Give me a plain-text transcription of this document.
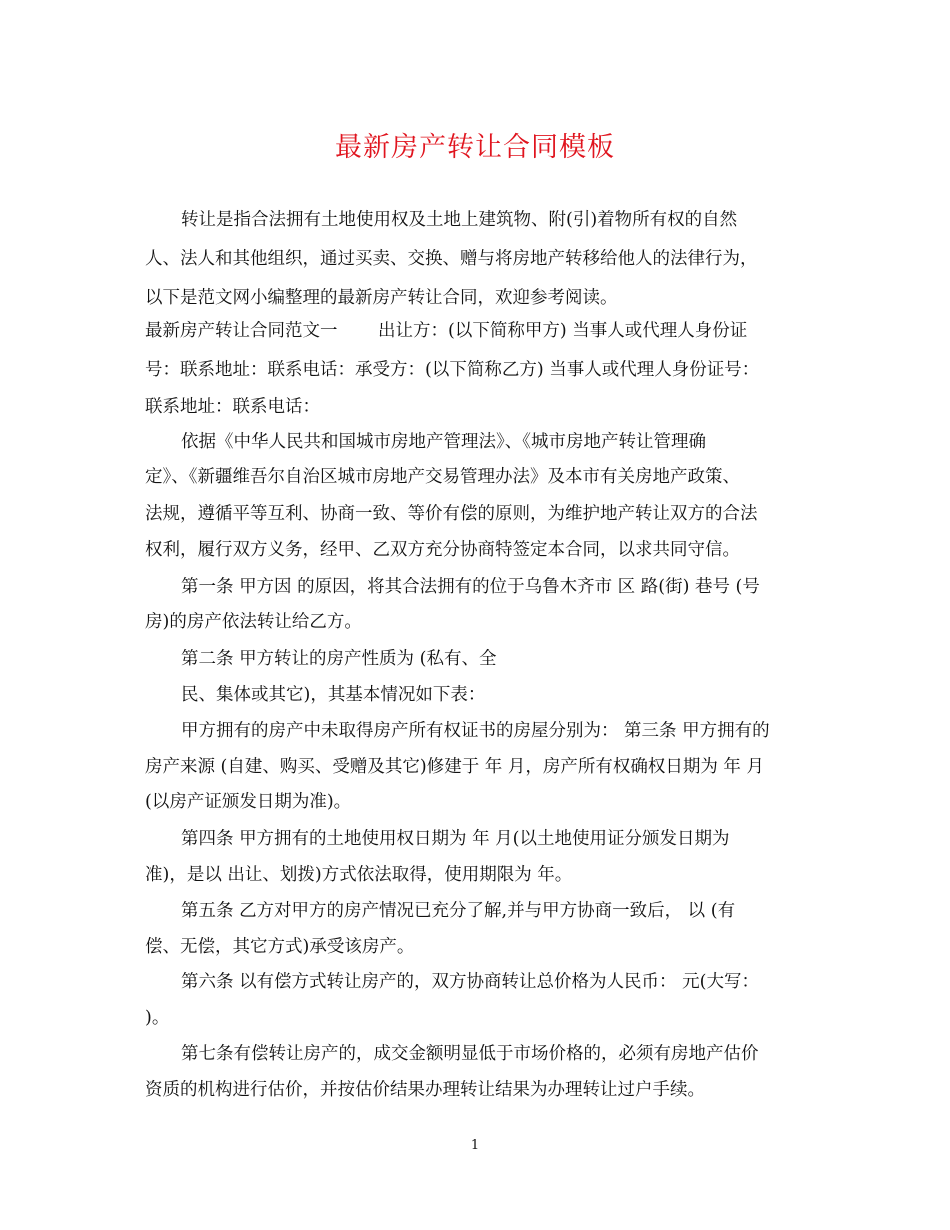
最新房产转让合同模板

转让是指合法拥有土地使用权及土地上建筑物、附(引)着物所有权的自然

人、法人和其他组织，通过买卖、交换、赠与将房地产转移给他人的法律行为，

以下是范文网小编整理的最新房产转让合同，欢迎参考阅读。

最新房产转让合同范文一　　 出让方：(以下简称甲方) 当事人或代理人身份证

号：联系地址：联系电话：承受方：(以下简称乙方) 当事人或代理人身份证号：

联系地址：联系电话：

依据《中华人民共和国城市房地产管理法》、《城市房地产转让管理确

定》、《新疆维吾尔自治区城市房地产交易管理办法》及本市有关房地产政策、

法规，遵循平等互利、协商一致、等价有偿的原则，为维护地产转让双方的合法

权利，履行双方义务，经甲、乙双方充分协商特签定本合同，以求共同守信。

第一条 甲方因 的原因，将其合法拥有的位于乌鲁木齐市 区 路(街) 巷号 (号

房)的房产依法转让给乙方。

第二条 甲方转让的房产性质为 (私有、全

民、集体或其它)，其基本情况如下表：

甲方拥有的房产中未取得房产所有权证书的房屋分别为： 第三条 甲方拥有的

房产来源 (自建、购买、受赠及其它)修建于 年 月，房产所有权确权日期为 年 月

(以房产证颁发日期为准)。

第四条 甲方拥有的土地使用权日期为 年 月(以土地使用证分颁发日期为

准)，是以 出让、划拨)方式依法取得，使用期限为 年。

第五条 乙方对甲方的房产情况已充分了解,并与甲方协商一致后， 以 (有

偿、无偿，其它方式)承受该房产。

第六条 以有偿方式转让房产的，双方协商转让总价格为人民币： 元(大写：

)。

第七条有偿转让房产的，成交金额明显低于市场价格的，必须有房地产估价

资质的机构进行估价，并按估价结果办理转让结果为办理转让过户手续。

1
